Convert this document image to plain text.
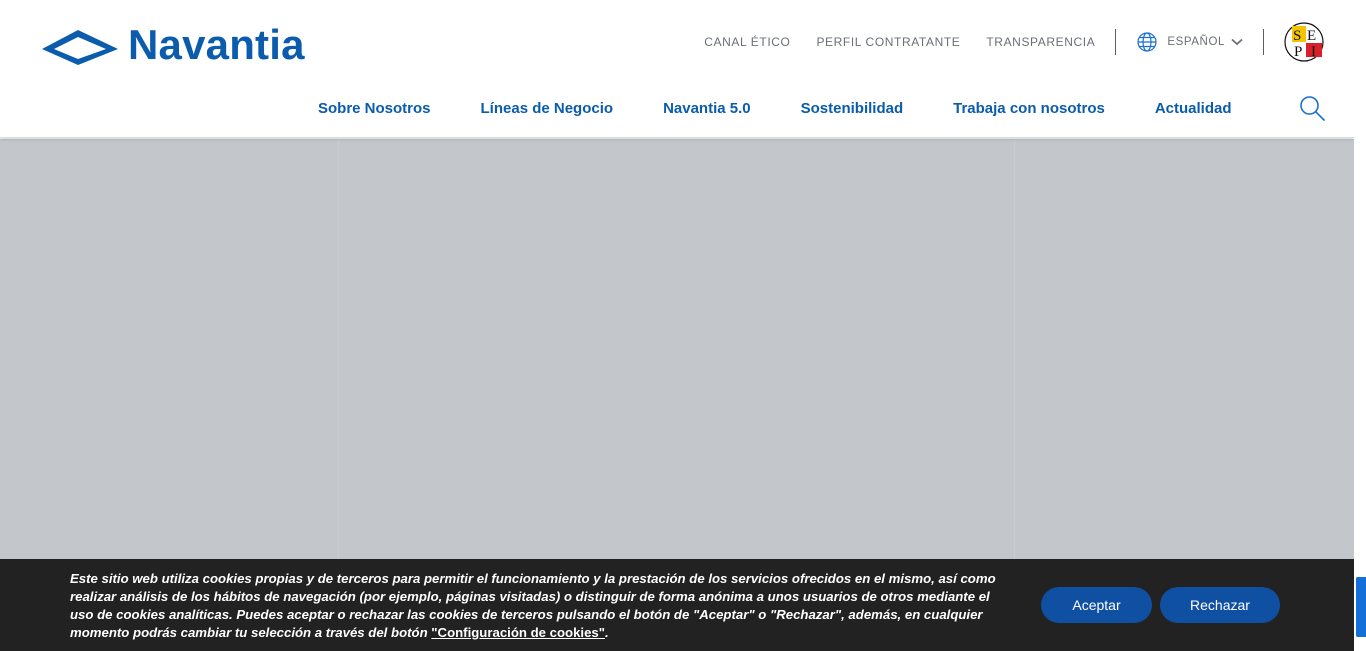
Navantia	CANAL ÉTICO PERFIL CONTRATANTE TRANSPARENCIA	ESPAÑOL	S E
P I
Sobre Nosotros	Líneas de Negocio	Navantia 5.0	Sostenibilidad	Trabaja con nosotros	Actualidad

Este sitio web utiliza cookies propias y de terceros para permitir el funcionamiento y la prestación de los servicios ofrecidos en el mismo, así como realizar análisis de los hábitos de navegación (por ejemplo, páginas visitadas) o distinguir de forma anónima a unos usuarios de otros mediante el uso de cookies analíticas. Puedes aceptar o rechazar las cookies de terceros pulsando el botón de "Aceptar" o "Rechazar", además, en cualquier momento podrás cambiar tu selección a través del botón "Configuración de cookies".

Aceptar	Rechazar
